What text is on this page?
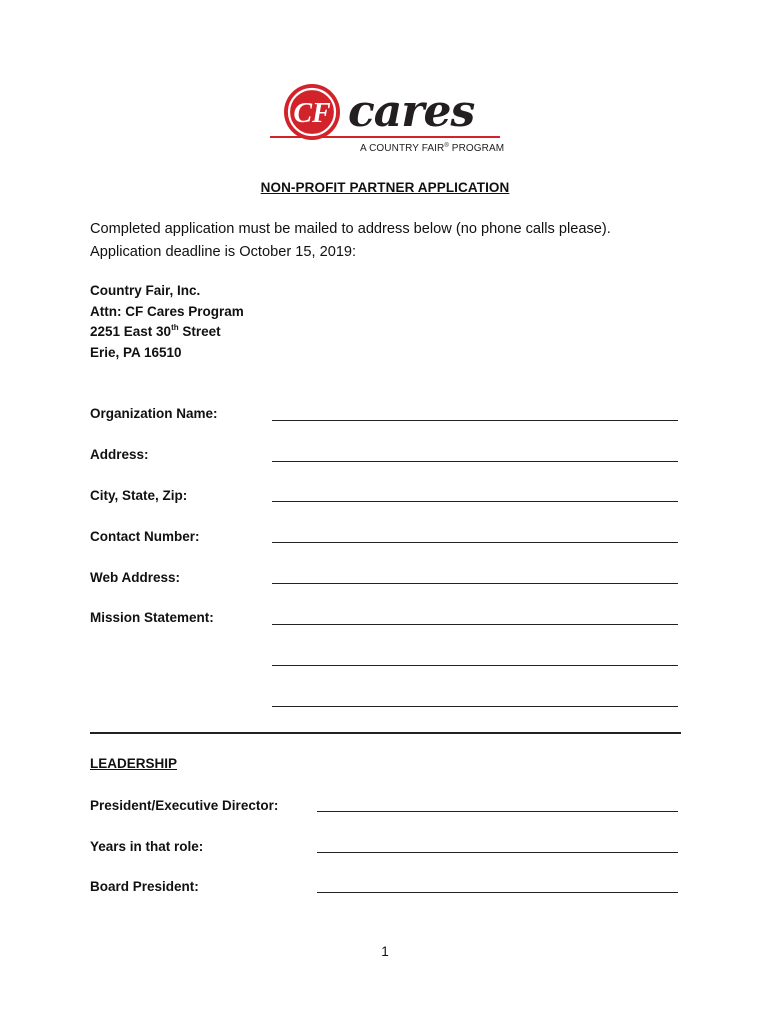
CF cares
A COUNTRY FAIR® PROGRAM
NON-PROFIT PARTNER APPLICATION
Completed application must be mailed to address below (no phone calls please). Application deadline is October 15, 2019:
Country Fair, Inc.
Attn: CF Cares Program
2251 East 30th Street
Erie, PA 16510
Organization Name:
Address:
City, State, Zip:
Contact Number:
Web Address:
Mission Statement:
LEADERSHIP
President/Executive Director:
Years in that role:
Board President:
1
